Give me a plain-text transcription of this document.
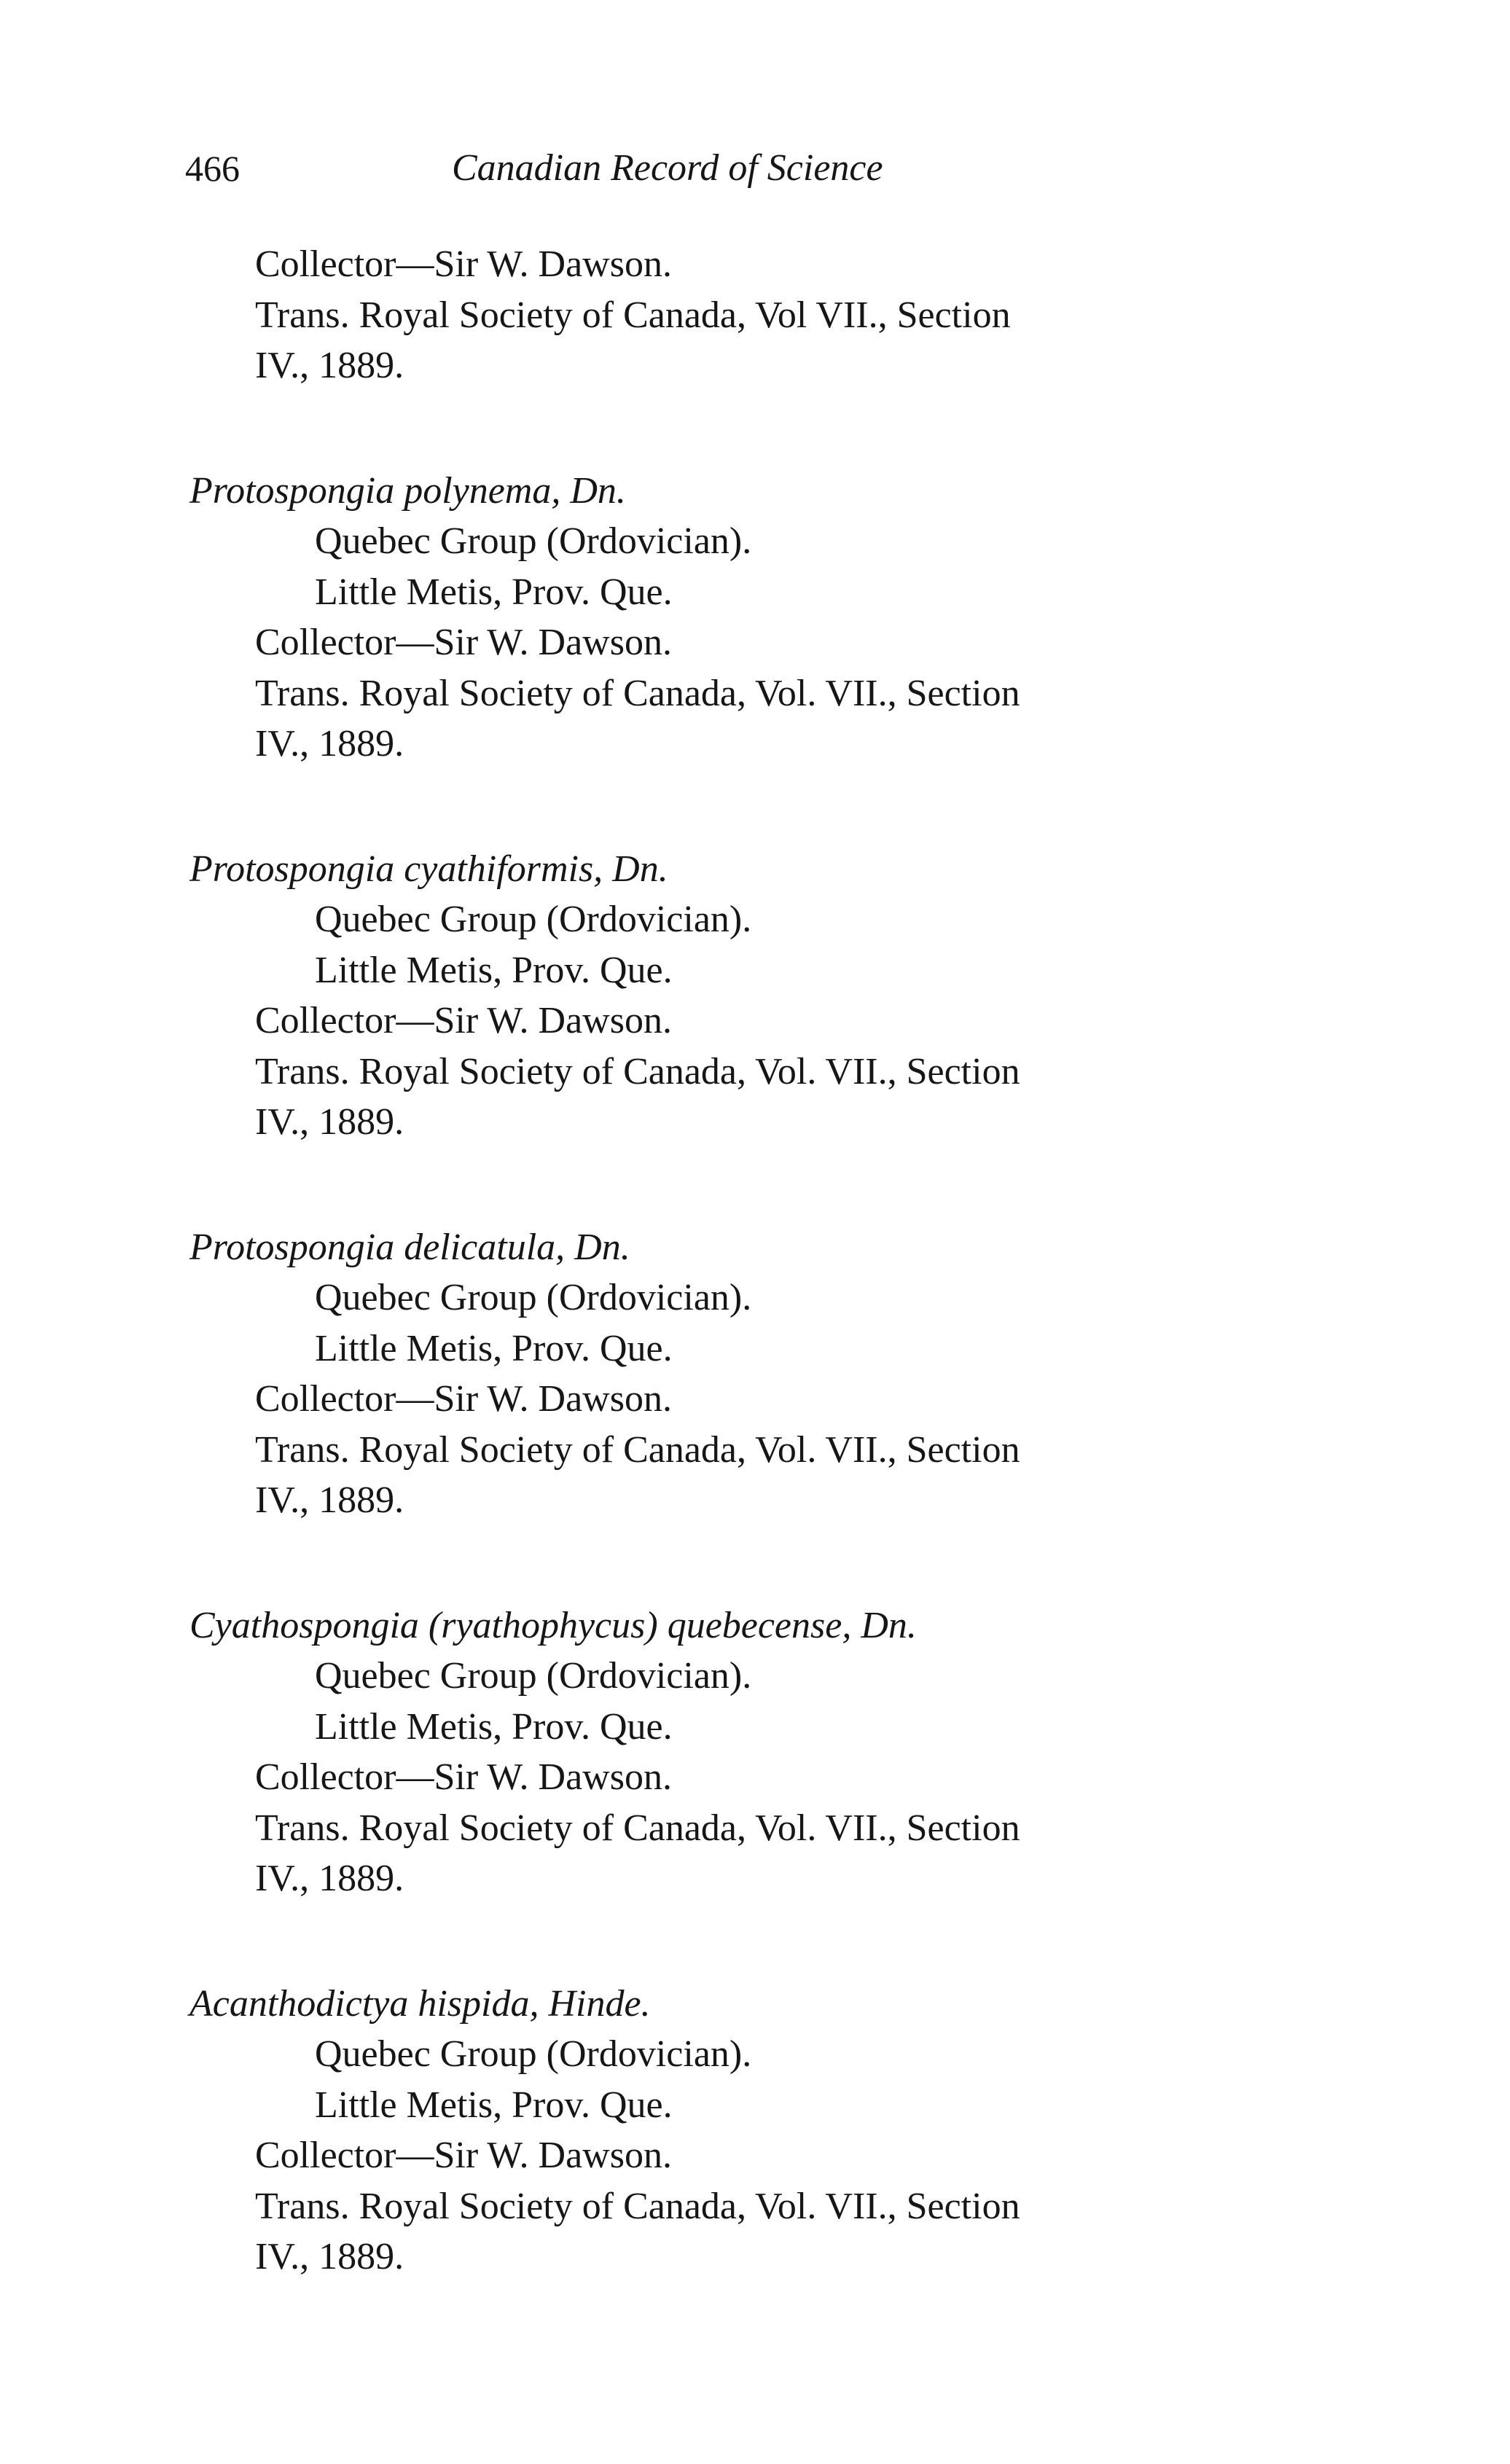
466	Canadian Record of Science
Collector—Sir W. Dawson.
Trans. Royal Society of Canada, Vol VII., Section
IV., 1889.
Protospongia polynema, Dn.
Quebec Group (Ordovician).
Little Metis, Prov. Que.
Collector—Sir W. Dawson.
Trans. Royal Society of Canada, Vol. VII., Section
IV., 1889.
Protospongia cyathiformis, Dn.
Quebec Group (Ordovician).
Little Metis, Prov. Que.
Collector—Sir W. Dawson.
Trans. Royal Society of Canada, Vol. VII., Section
IV., 1889.
Protospongia delicatula, Dn.
Quebec Group (Ordovician).
Little Metis, Prov. Que.
Collector—Sir W. Dawson.
Trans. Royal Society of Canada, Vol. VII., Section
IV., 1889.
Cyathospongia (ryathophycus) quebecense, Dn.
Quebec Group (Ordovician).
Little Metis, Prov. Que.
Collector—Sir W. Dawson.
Trans. Royal Society of Canada, Vol. VII., Section
IV., 1889.
Acanthodictya hispida, Hinde.
Quebec Group (Ordovician).
Little Metis, Prov. Que.
Collector—Sir W. Dawson.
Trans. Royal Society of Canada, Vol. VII., Section
IV., 1889.
